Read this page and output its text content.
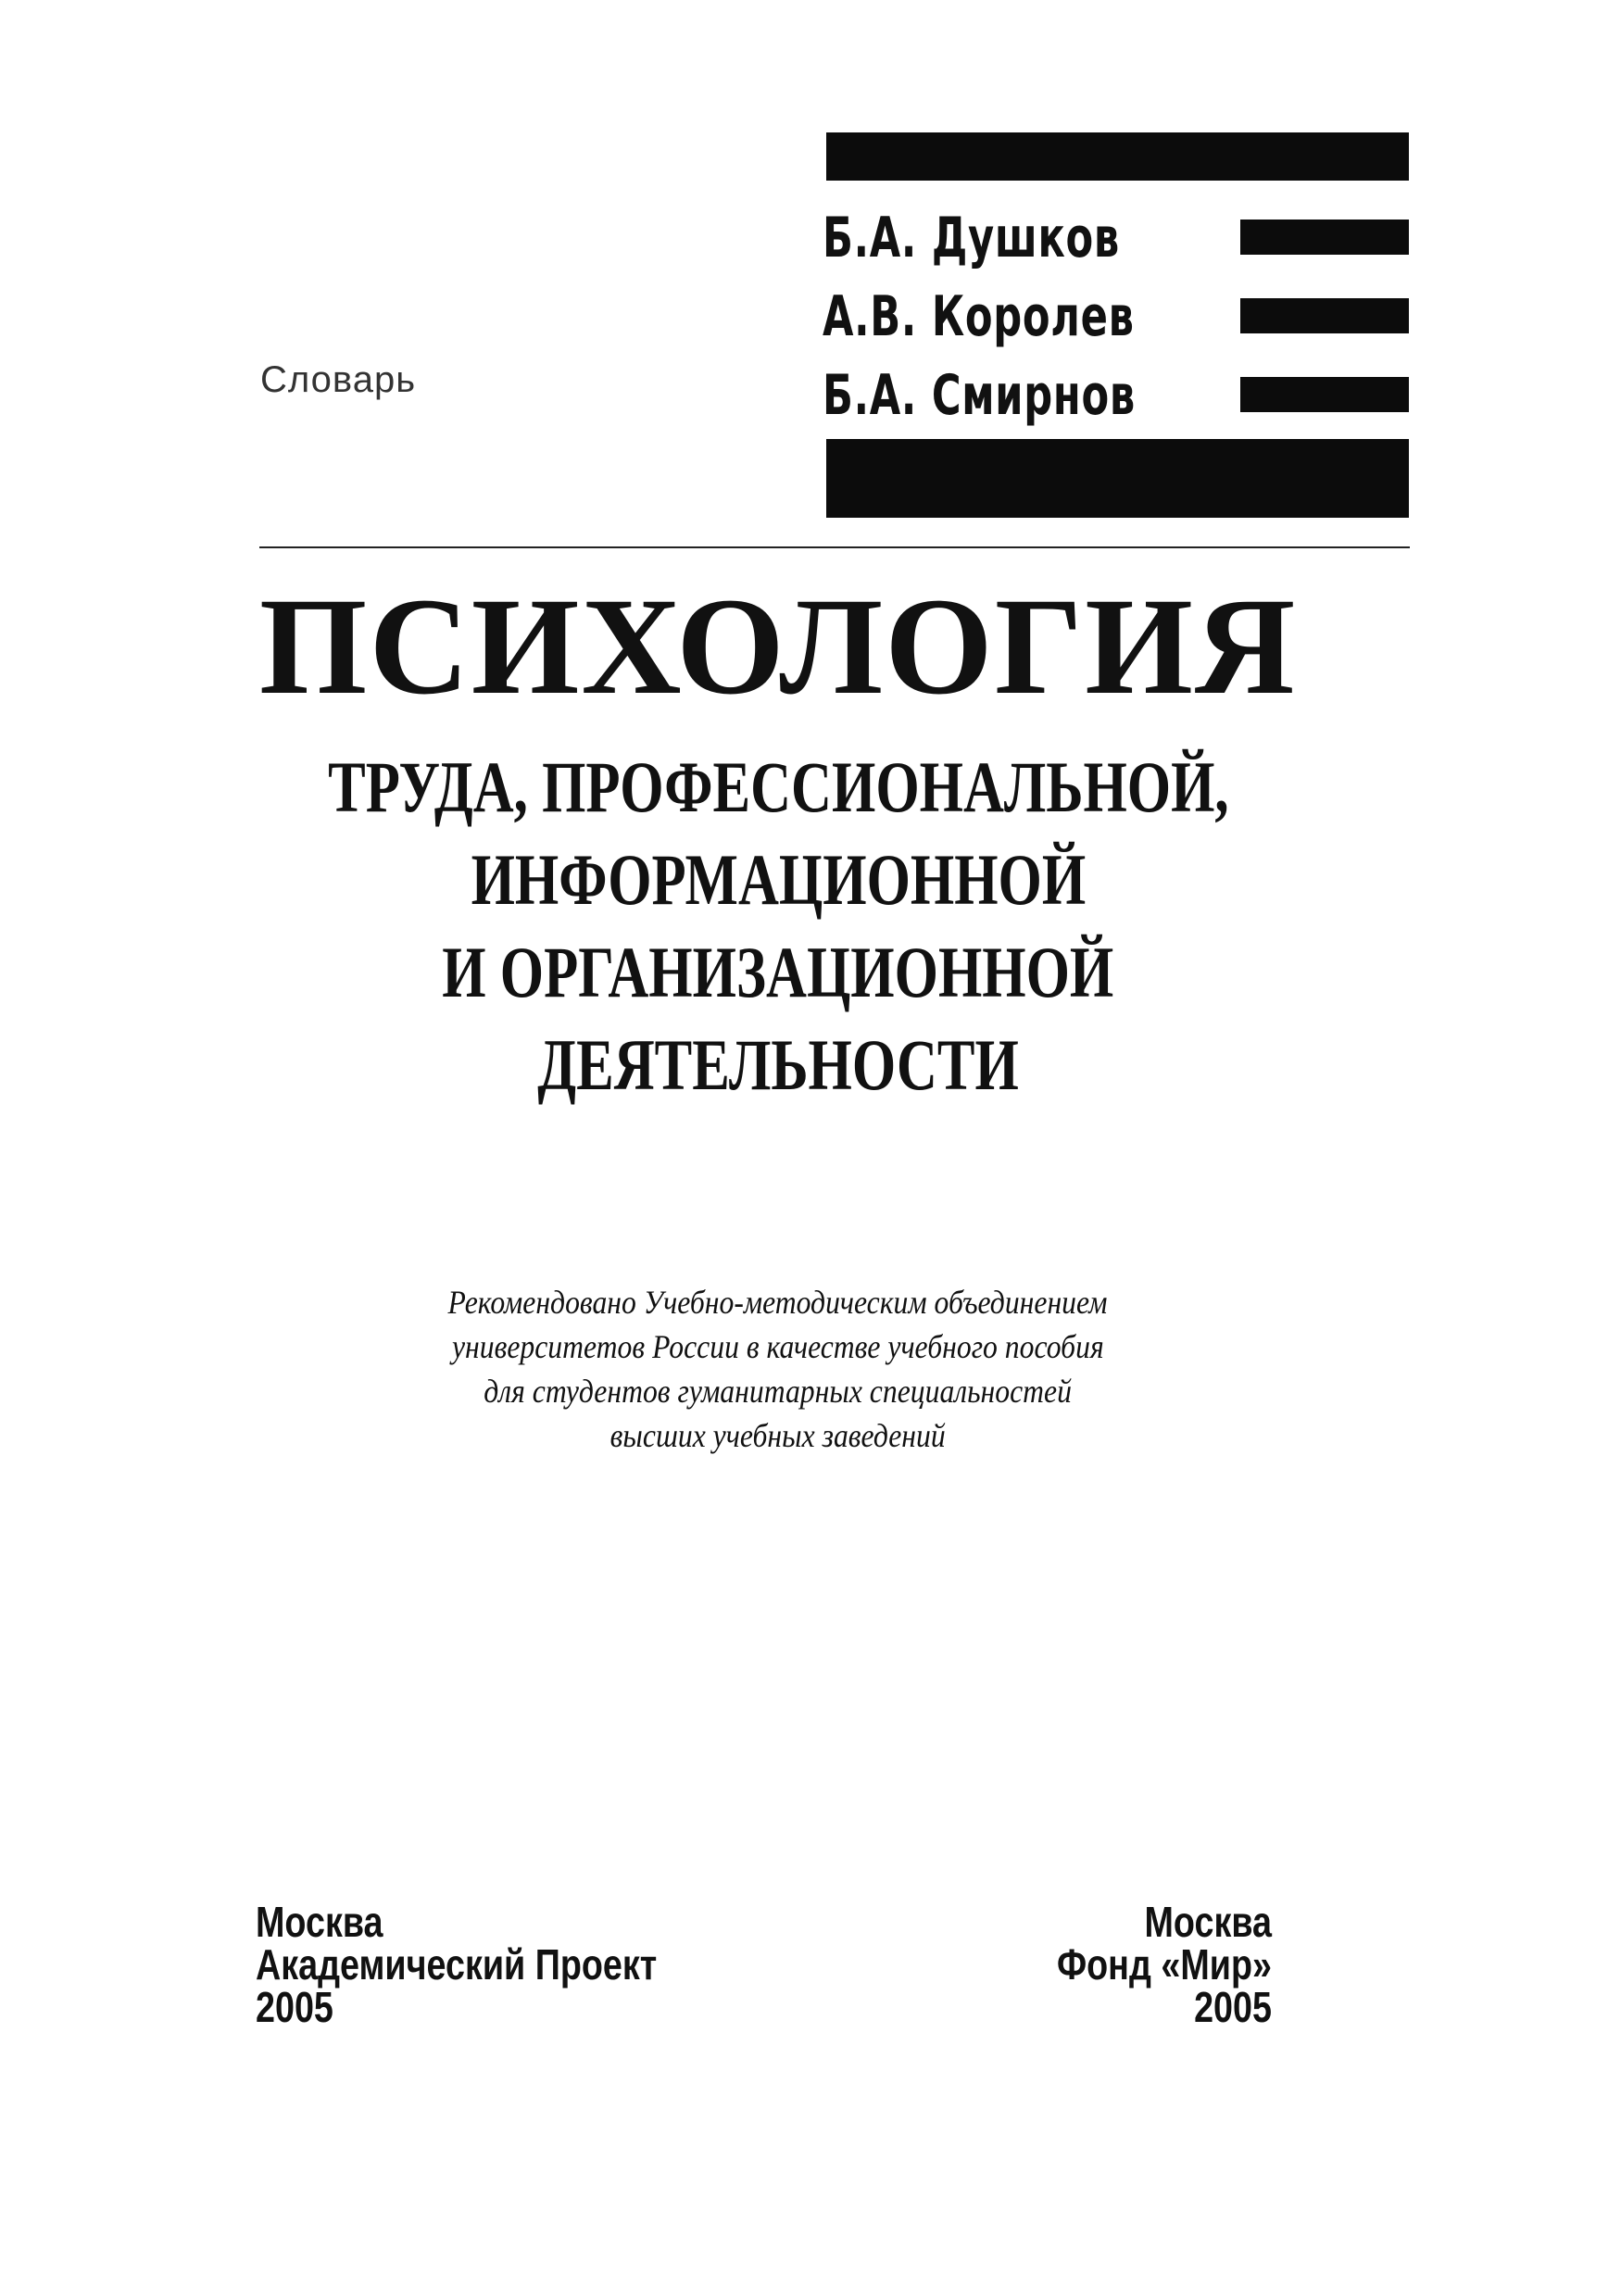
Б.А. Душков
А.В. Королев
Б.А. Смирнов
Словарь
ПСИХОЛОГИЯ
ТРУДА, ПРОФЕССИОНАЛЬНОЙ,
ИНФОРМАЦИОННОЙ
И ОРГАНИЗАЦИОННОЙ
ДЕЯТЕЛЬНОСТИ
Рекомендовано Учебно-методическим объединением
университетов России в качестве учебного пособия
для студентов гуманитарных специальностей
высших учебных заведений
Москва
Академический Проект
2005
Москва
Фонд «Мир»
2005
